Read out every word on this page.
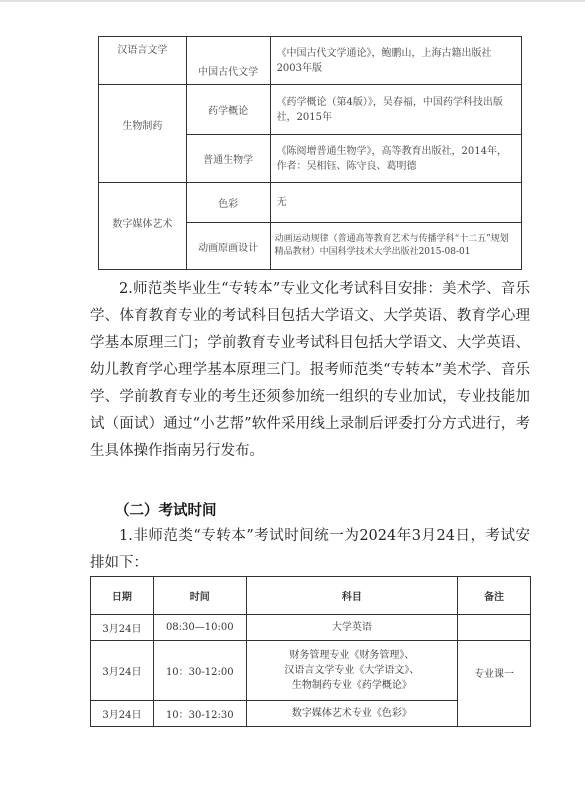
汉语言文学	中国古代文学	《中国古代文学通论》，鲍鹏山，上海古籍出版社2003年版
生物制药	药学概论	《药学概论（第4版）》，吴春福，中国药学科技出版社，2015年
	普通生物学	《陈阅增普通生物学》，高等教育出版社，2014年，作者：吴相钰、陈守良、葛明德
数字媒体艺术	色彩	无
	动画原画设计	动画运动规律（普通高等教育艺术与传播学科“十二五”规划精品教材）中国科学技术大学出版社2015-08-01

2.师范类毕业生“专转本”专业文化考试科目安排：美术学、音乐学、体育教育专业的考试科目包括大学语文、大学英语、教育学心理学基本原理三门；学前教育专业考试科目包括大学语文、大学英语、幼儿教育学心理学基本原理三门。报考师范类“专转本”美术学、音乐学、学前教育专业的考生还须参加统一组织的专业加试，专业技能加试（面试）通过“小艺帮”软件采用线上录制后评委打分方式进行，考生具体操作指南另行发布。

（二）考试时间

1.非师范类“专转本”考试时间统一为2024年3月24日，考试安排如下：

日期	时间	科目	备注
3月24日	08:30—10:00	大学英语	

3月24日	10：30-12:00	财务管理专业《财务管理》、
汉语言文学专业《大学语文》、
生物制药专业《药学概论》	专业课一
3月24日	10：30-12:30	数字媒体艺术专业《色彩》	
